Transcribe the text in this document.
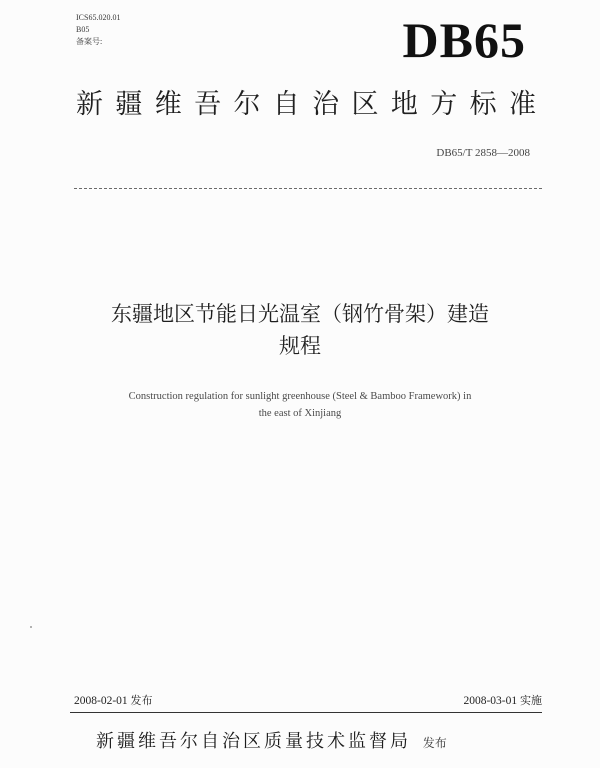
ICS65.020.01
B05
备案号:	DB65
新 疆 维 吾 尔 自 治 区 地 方 标 准
DB65/T 2858—2008
东疆地区节能日光温室（钢竹骨架）建造
规程
Construction regulation for sunlight greenhouse (Steel & Bamboo Framework) in
the east of Xinjiang
2008-02-01 发布	2008-03-01 实施
新疆维吾尔自治区质量技术监督局 发布
